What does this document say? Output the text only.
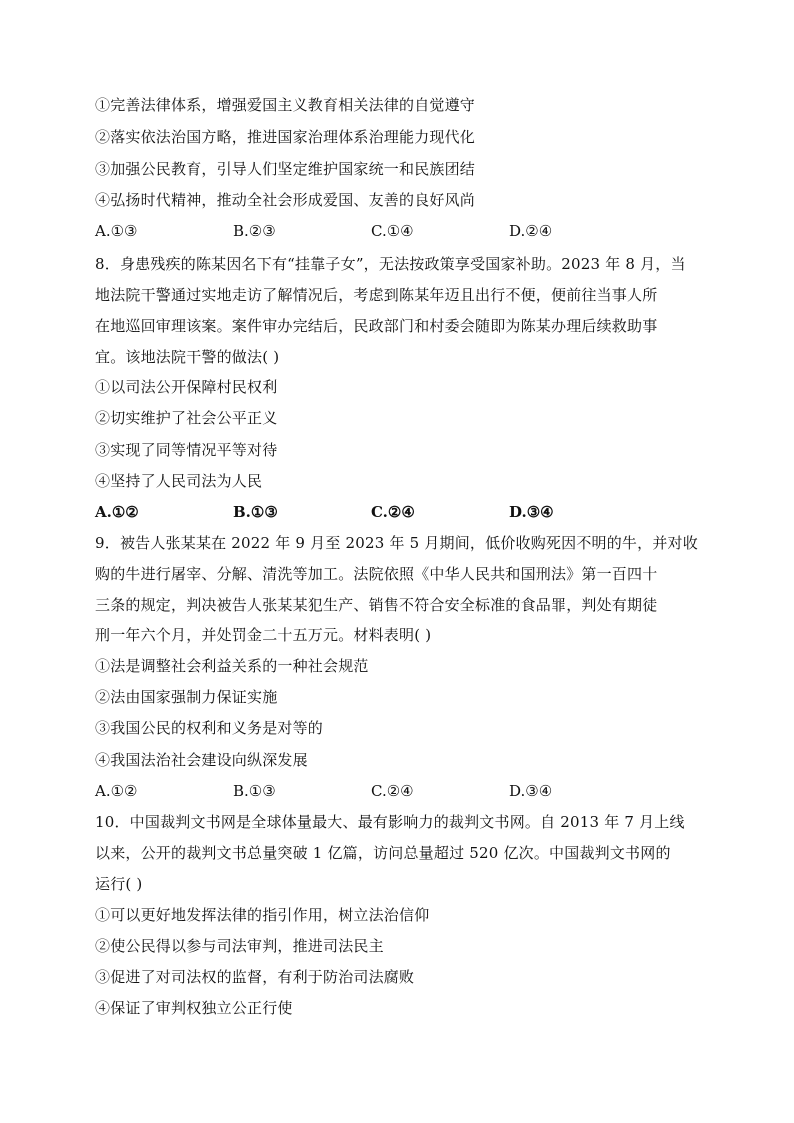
①完善法律体系，增强爱国主义教育相关法律的自觉遵守
②落实依法治国方略，推进国家治理体系治理能力现代化
③加强公民教育，引导人们坚定维护国家统一和民族团结
④弘扬时代精神，推动全社会形成爱国、友善的良好风尚
A.①③	B.②③	C.①④	D.②④
8．身患残疾的陈某因名下有“挂靠子女”，无法按政策享受国家补助。2023 年 8 月，当
地法院干警通过实地走访了解情况后，考虑到陈某年迈且出行不便，便前往当事人所
在地巡回审理该案。案件审办完结后，民政部门和村委会随即为陈某办理后续救助事
宜。该地法院干警的做法( )
①以司法公开保障村民权利
②切实维护了社会公平正义
③实现了同等情况平等对待
④坚持了人民司法为人民
A.①②	B.①③	C.②④	D.③④
9．被告人张某某在 2022 年 9 月至 2023 年 5 月期间，低价收购死因不明的牛，并对收
购的牛进行屠宰、分解、清洗等加工。法院依照《中华人民共和国刑法》第一百四十
三条的规定，判决被告人张某某犯生产、销售不符合安全标准的食品罪，判处有期徒
刑一年六个月，并处罚金二十五万元。材料表明( )
①法是调整社会利益关系的一种社会规范
②法由国家强制力保证实施
③我国公民的权利和义务是对等的
④我国法治社会建设向纵深发展
A.①②	B.①③	C.②④	D.③④
10．中国裁判文书网是全球体量最大、最有影响力的裁判文书网。自 2013 年 7 月上线
以来，公开的裁判文书总量突破 1 亿篇，访问总量超过 520 亿次。中国裁判文书网的
运行( )
①可以更好地发挥法律的指引作用，树立法治信仰
②使公民得以参与司法审判，推进司法民主
③促进了对司法权的监督，有利于防治司法腐败
④保证了审判权独立公正行使
